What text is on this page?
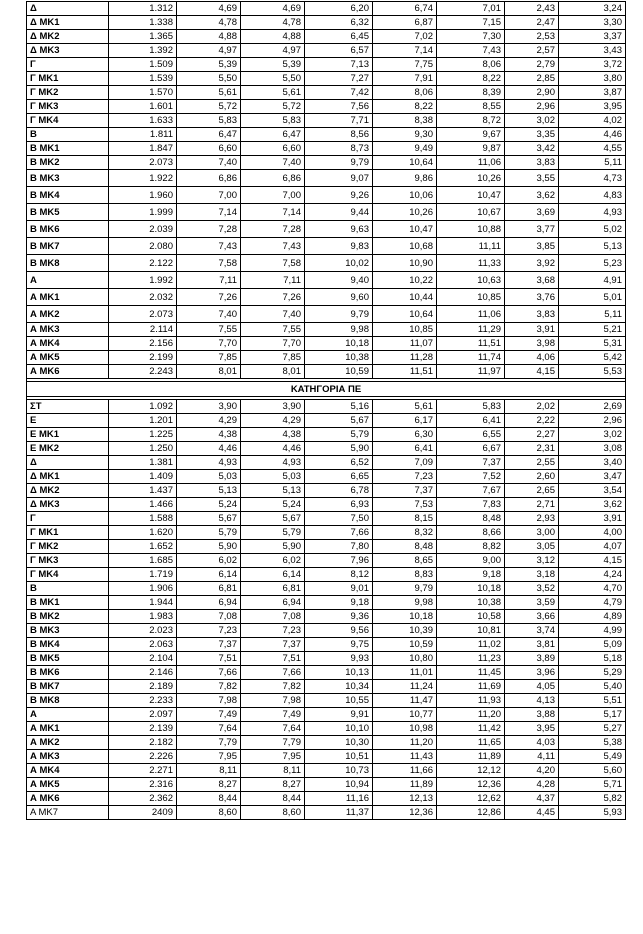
Δ	1.312	4,69	4,69	6,20	6,74	7,01	2,43	3,24
Δ ΜΚ1	1.338	4,78	4,78	6,32	6,87	7,15	2,47	3,30
Δ ΜΚ2	1.365	4,88	4,88	6,45	7,02	7,30	2,53	3,37
Δ ΜΚ3	1.392	4,97	4,97	6,57	7,14	7,43	2,57	3,43
Γ	1.509	5,39	5,39	7,13	7,75	8,06	2,79	3,72
Γ ΜΚ1	1.539	5,50	5,50	7,27	7,91	8,22	2,85	3,80
Γ ΜΚ2	1.570	5,61	5,61	7,42	8,06	8,39	2,90	3,87
Γ ΜΚ3	1.601	5,72	5,72	7,56	8,22	8,55	2,96	3,95
Γ ΜΚ4	1.633	5,83	5,83	7,71	8,38	8,72	3,02	4,02
Β	1.811	6,47	6,47	8,56	9,30	9,67	3,35	4,46
Β ΜΚ1	1.847	6,60	6,60	8,73	9,49	9,87	3,42	4,55
Β ΜΚ2	2.073	7,40	7,40	9,79	10,64	11,06	3,83	5,11
Β ΜΚ3	1.922	6,86	6,86	9,07	9,86	10,26	3,55	4,73
Β ΜΚ4	1.960	7,00	7,00	9,26	10,06	10,47	3,62	4,83
Β ΜΚ5	1.999	7,14	7,14	9,44	10,26	10,67	3,69	4,93
Β ΜΚ6	2.039	7,28	7,28	9,63	10,47	10,88	3,77	5,02
Β ΜΚ7	2.080	7,43	7,43	9,83	10,68	11,11	3,85	5,13
Β ΜΚ8	2.122	7,58	7,58	10,02	10,90	11,33	3,92	5,23
Α	1.992	7,11	7,11	9,40	10,22	10,63	3,68	4,91
Α ΜΚ1	2.032	7,26	7,26	9,60	10,44	10,85	3,76	5,01
Α ΜΚ2	2.073	7,40	7,40	9,79	10,64	11,06	3,83	5,11
Α ΜΚ3	2.114	7,55	7,55	9,98	10,85	11,29	3,91	5,21
Α ΜΚ4	2.156	7,70	7,70	10,18	11,07	11,51	3,98	5,31
Α ΜΚ5	2.199	7,85	7,85	10,38	11,28	11,74	4,06	5,42
Α ΜΚ6	2.243	8,01	8,01	10,59	11,51	11,97	4,15	5,53

ΚΑΤΗΓΟΡΙΑ ΠΕ								

ΣΤ	1.092	3,90	3,90	5,16	5,61	5,83	2,02	2,69
Ε	1.201	4,29	4,29	5,67	6,17	6,41	2,22	2,96
Ε ΜΚ1	1.225	4,38	4,38	5,79	6,30	6,55	2,27	3,02
Ε ΜΚ2	1.250	4,46	4,46	5,90	6,41	6,67	2,31	3,08
Δ	1.381	4,93	4,93	6,52	7,09	7,37	2,55	3,40
Δ ΜΚ1	1.409	5,03	5,03	6,65	7,23	7,52	2,60	3,47
Δ ΜΚ2	1.437	5,13	5,13	6,78	7,37	7,67	2,65	3,54
Δ ΜΚ3	1.466	5,24	5,24	6,93	7,53	7,83	2,71	3,62
Γ	1.588	5,67	5,67	7,50	8,15	8,48	2,93	3,91
Γ ΜΚ1	1.620	5,79	5,79	7,66	8,32	8,66	3,00	4,00
Γ ΜΚ2	1.652	5,90	5,90	7,80	8,48	8,82	3,05	4,07
Γ ΜΚ3	1.685	6,02	6,02	7,96	8,65	9,00	3,12	4,15
Γ ΜΚ4	1.719	6,14	6,14	8,12	8,83	9,18	3,18	4,24
Β	1.906	6,81	6,81	9,01	9,79	10,18	3,52	4,70
Β ΜΚ1	1.944	6,94	6,94	9,18	9,98	10,38	3,59	4,79
Β ΜΚ2	1.983	7,08	7,08	9,36	10,18	10,58	3,66	4,89
Β ΜΚ3	2.023	7,23	7,23	9,56	10,39	10,81	3,74	4,99
Β ΜΚ4	2.063	7,37	7,37	9,75	10,59	11,02	3,81	5,09
Β ΜΚ5	2.104	7,51	7,51	9,93	10,80	11,23	3,89	5,18
Β ΜΚ6	2.146	7,66	7,66	10,13	11,01	11,45	3,96	5,29
Β ΜΚ7	2.189	7,82	7,82	10,34	11,24	11,69	4,05	5,40
Β ΜΚ8	2.233	7,98	7,98	10,55	11,47	11,93	4,13	5,51
Α	2.097	7,49	7,49	9,91	10,77	11,20	3,88	5,17
Α ΜΚ1	2.139	7,64	7,64	10,10	10,98	11,42	3,95	5,27
Α ΜΚ2	2.182	7,79	7,79	10,30	11,20	11,65	4,03	5,38
Α ΜΚ3	2.226	7,95	7,95	10,51	11,43	11,89	4,11	5,49
Α ΜΚ4	2.271	8,11	8,11	10,73	11,66	12,12	4,20	5,60
Α ΜΚ5	2.316	8,27	8,27	10,94	11,89	12,36	4,28	5,71
Α ΜΚ6	2.362	8,44	8,44	11,16	12,13	12,62	4,37	5,82
Α ΜΚ7	2409	8,60	8,60	11,37	12,36	12,86	4,45	5,93
